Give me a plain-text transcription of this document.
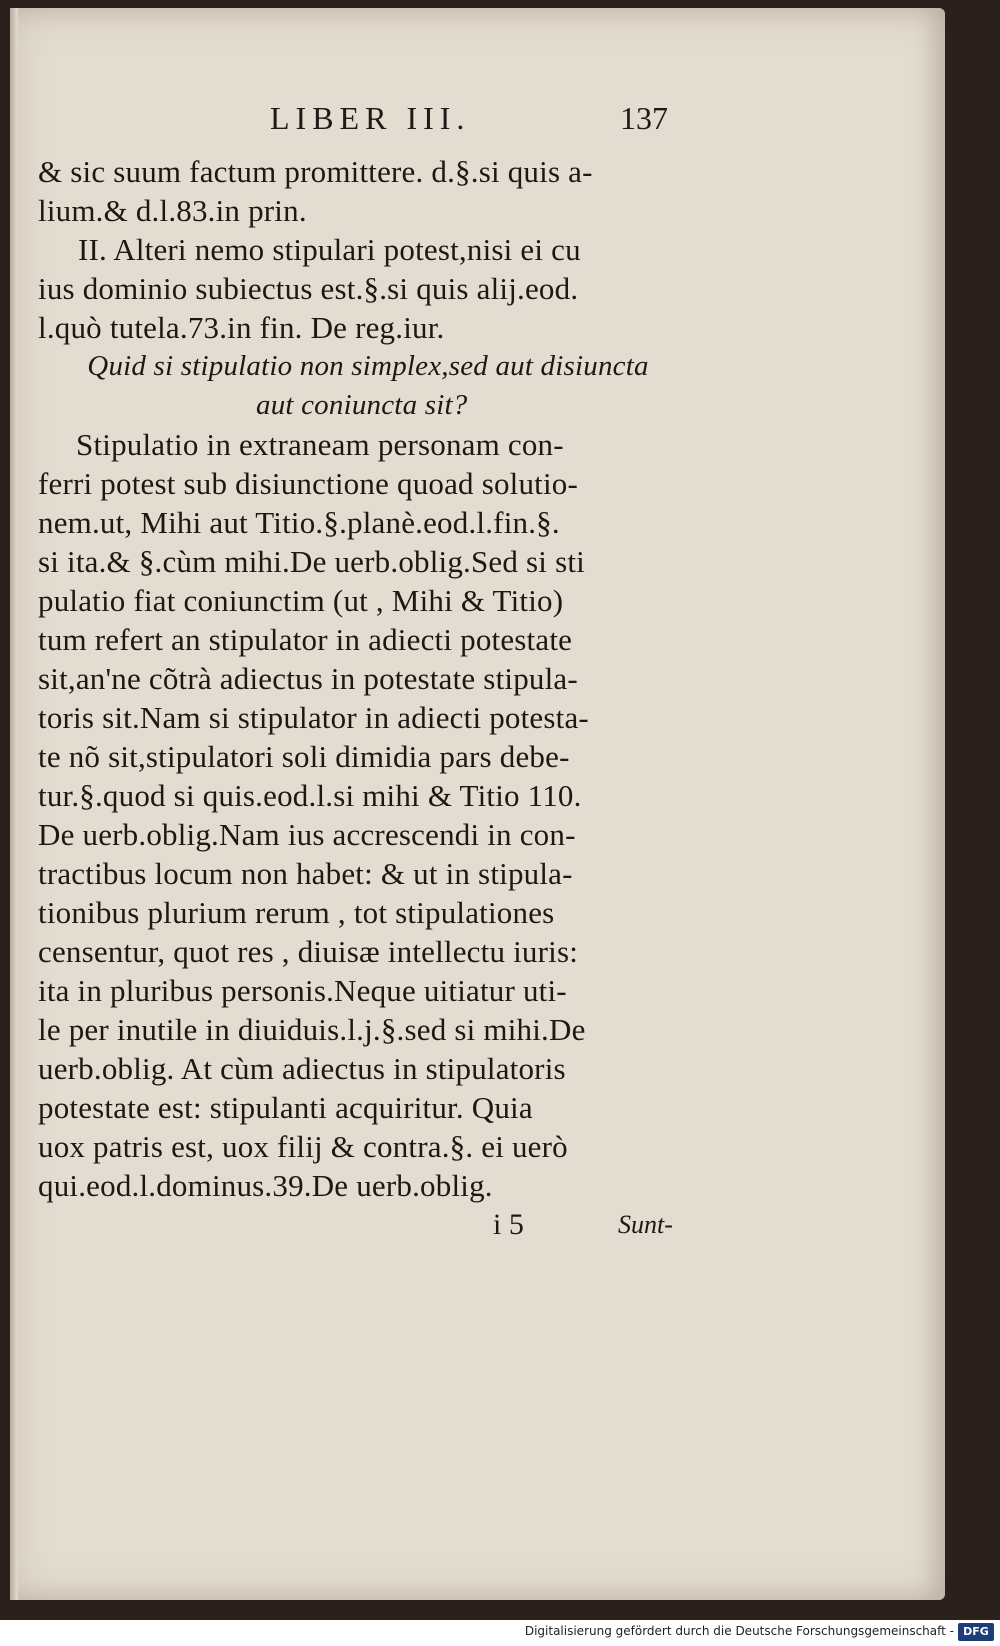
LIBER III.	137
& sic suum factum promittere. d.§.si quis a-
lium.& d.l.83.in prin.
II. Alteri nemo stipulari potest,nisi ei cu
ius dominio subiectus est.§.si quis alij.eod.
l.quò tutela.73.in fin. De reg.iur.
Quid si stipulatio non simplex,sed aut disiuncta
aut coniuncta sit?
Stipulatio in extraneam personam con-
ferri potest sub disiunctione quoad solutio-
nem.ut, Mihi aut Titio.§.planè.eod.l.fin.§.
si ita.& §.cùm mihi.De uerb.oblig.Sed si sti
pulatio fiat coniunctim (ut , Mihi & Titio)
tum refert an stipulator in adiecti potestate
sit,an'ne cõtrà adiectus in potestate stipula-
toris sit.Nam si stipulator in adiecti potesta-
te nõ sit,stipulatori soli dimidia pars debe-
tur.§.quod si quis.eod.l.si mihi & Titio 110.
De uerb.oblig.Nam ius accrescendi in con-
tractibus locum non habet: & ut in stipula-
tionibus plurium rerum , tot stipulationes
censentur, quot res , diuisæ intellectu iuris:
ita in pluribus personis.Neque uitiatur uti-
le per inutile in diuiduis.l.j.§.sed si mihi.De
uerb.oblig. At cùm adiectus in stipulatoris
potestate est: stipulanti acquiritur. Quia
uox patris est, uox filij & contra.§. ei uerò
qui.eod.l.dominus.39.De uerb.oblig.
i 5	Sunt-
Digitalisierung gefördert durch die Deutsche Forschungsgemeinschaft - DFG
